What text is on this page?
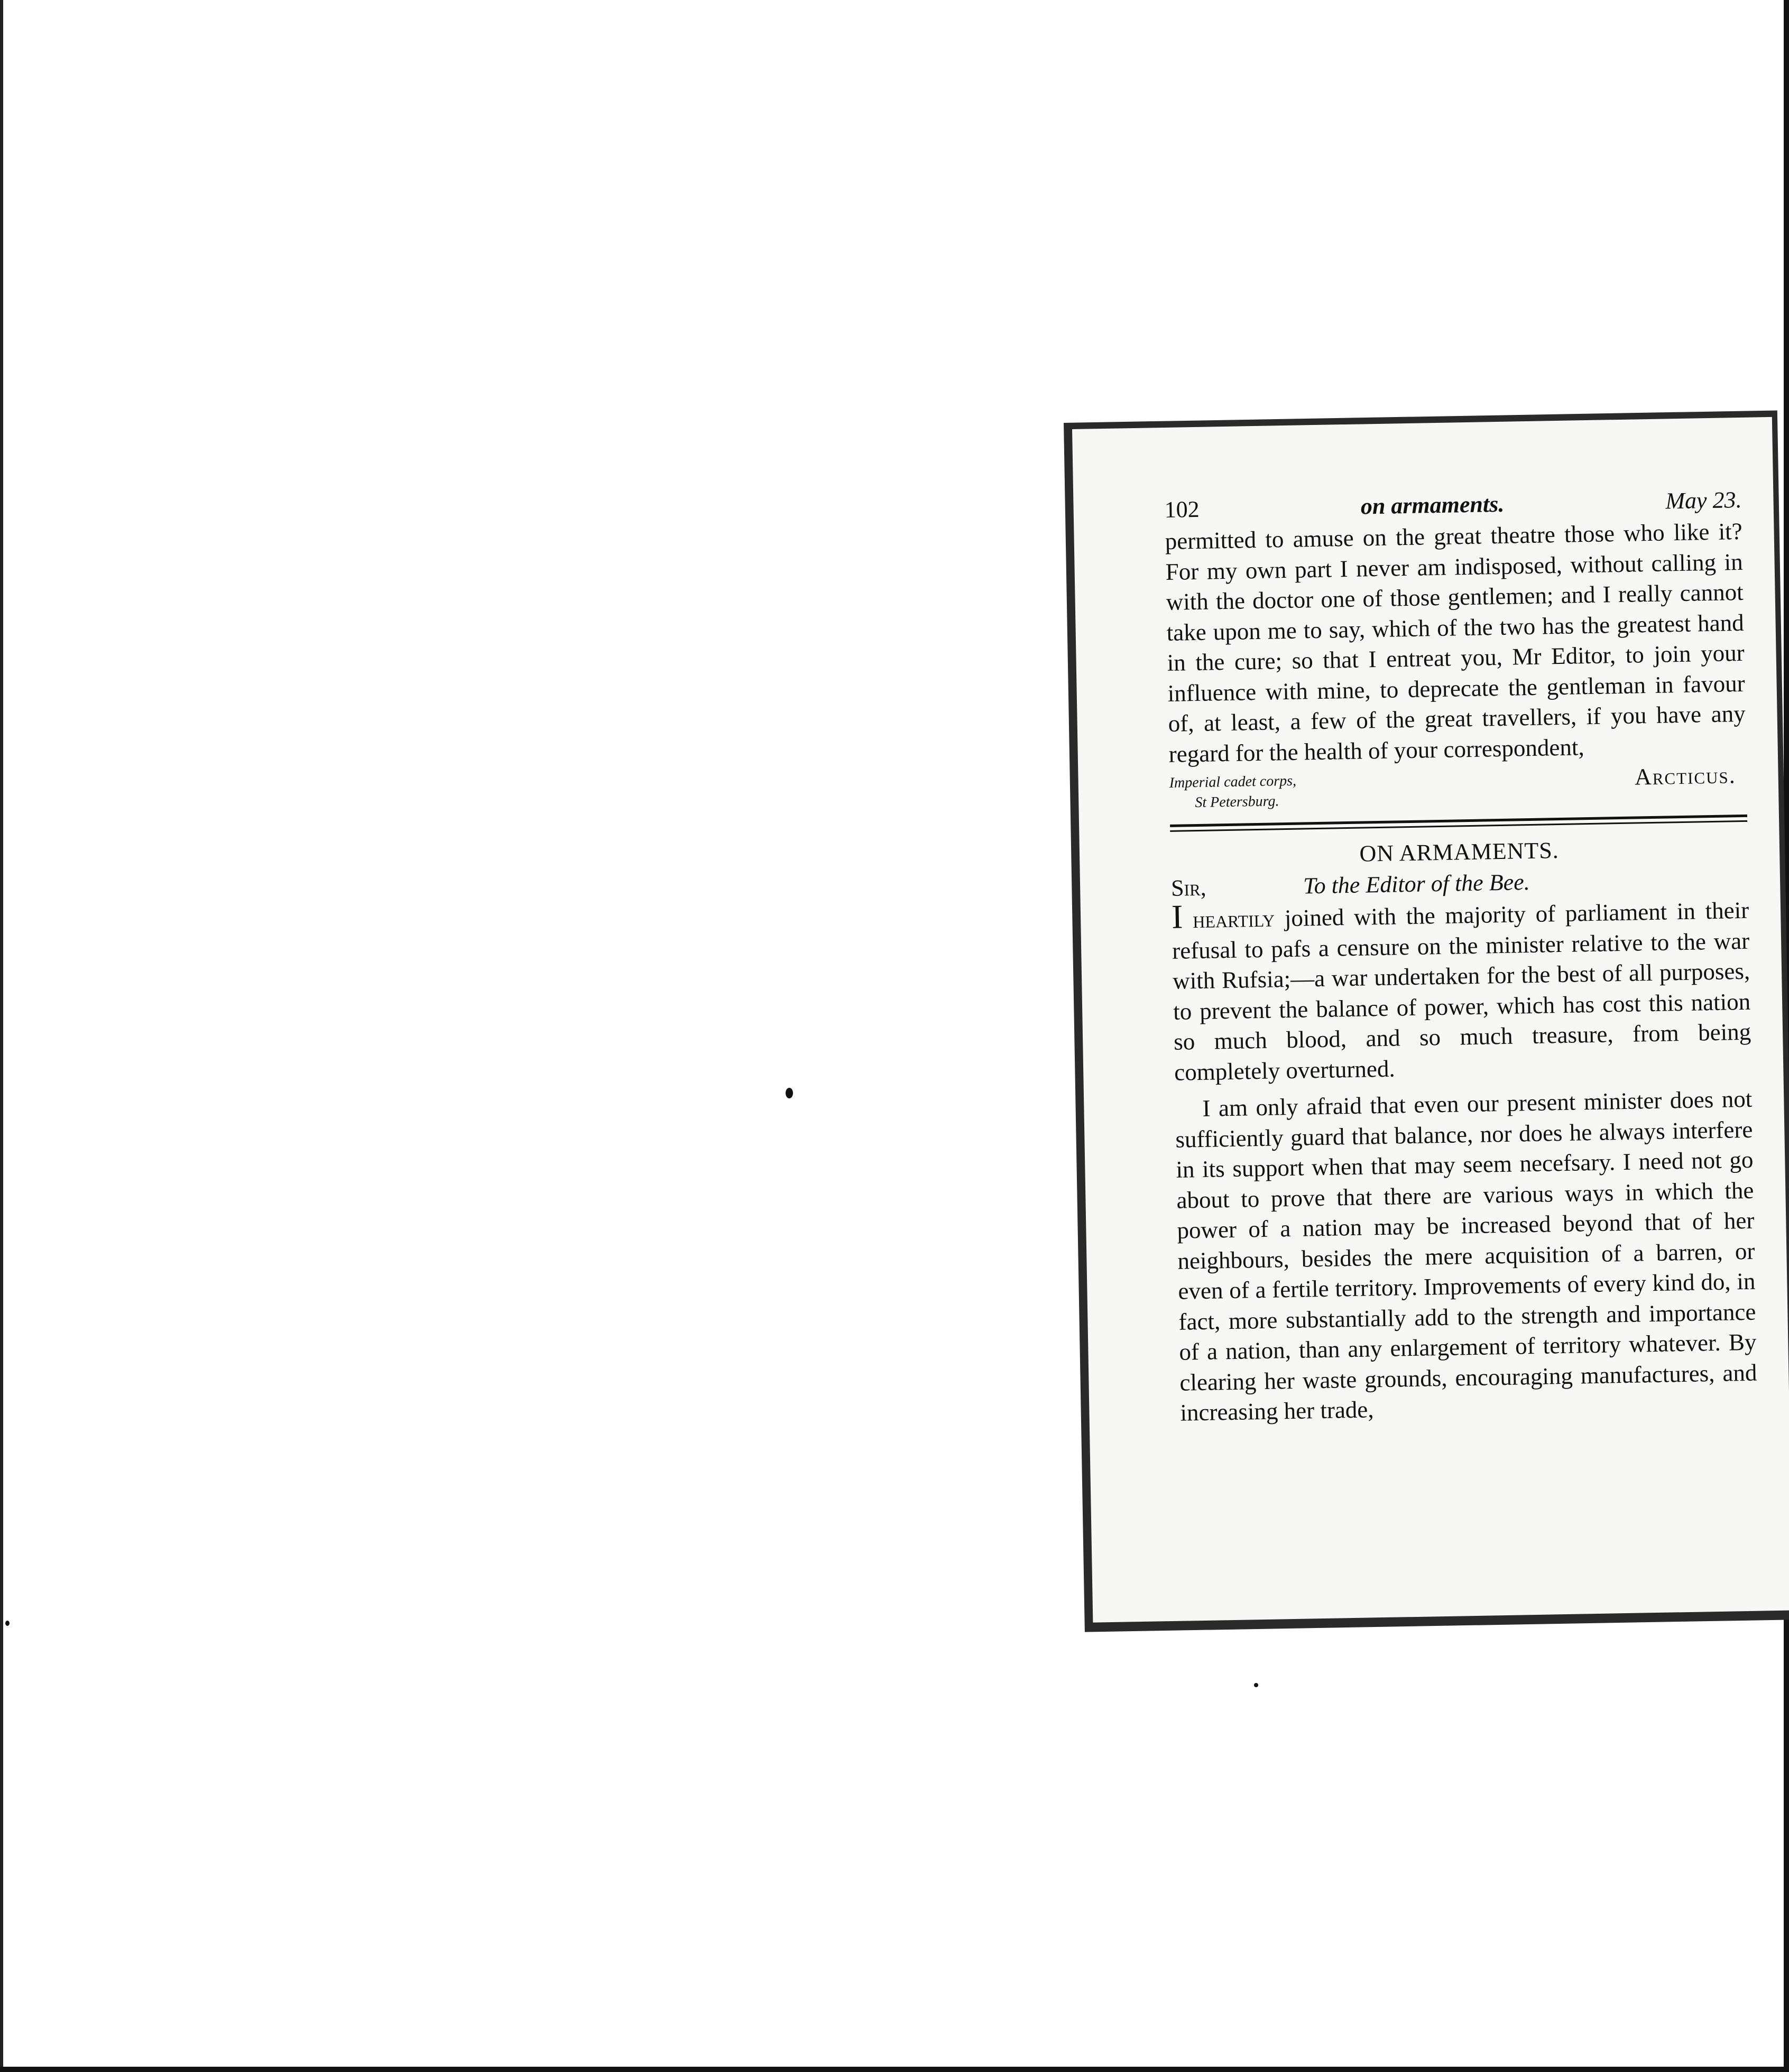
102	on armaments.	May 23.

permitted to amuse on the great theatre those who like it? For my own part I never am indisposed, without calling in with the doctor one of those gentlemen; and I really cannot take upon me to say, which of the two has the greatest hand in the cure; so that I entreat you, Mr Editor, to join your influence with mine, to deprecate the gentleman in favour of, at least, a few of the great travellers, if you have any regard for the health of your correspondent,

Imperial cadet corps,
St Petersburg.
Arcticus.
ON ARMAMENTS.
Sir,	To the Editor of the Bee.

I heartily joined with the majority of parliament in their refusal to pafs a censure on the minister relative to the war with Rufsia;—a war undertaken for the best of all purposes, to prevent the balance of power, which has cost this nation so much blood, and so much treasure, from being completely overturned.

I am only afraid that even our present minister does not sufficiently guard that balance, nor does he always interfere in its support when that may seem necefsary. I need not go about to prove that there are various ways in which the power of a nation may be increased beyond that of her neighbours, besides the mere acquisition of a barren, or even of a fertile territory. Improvements of every kind do, in fact, more substantially add to the strength and importance of a nation, than any enlargement of territory whatever. By clearing her waste grounds, encouraging manufactures, and increasing her trade,
